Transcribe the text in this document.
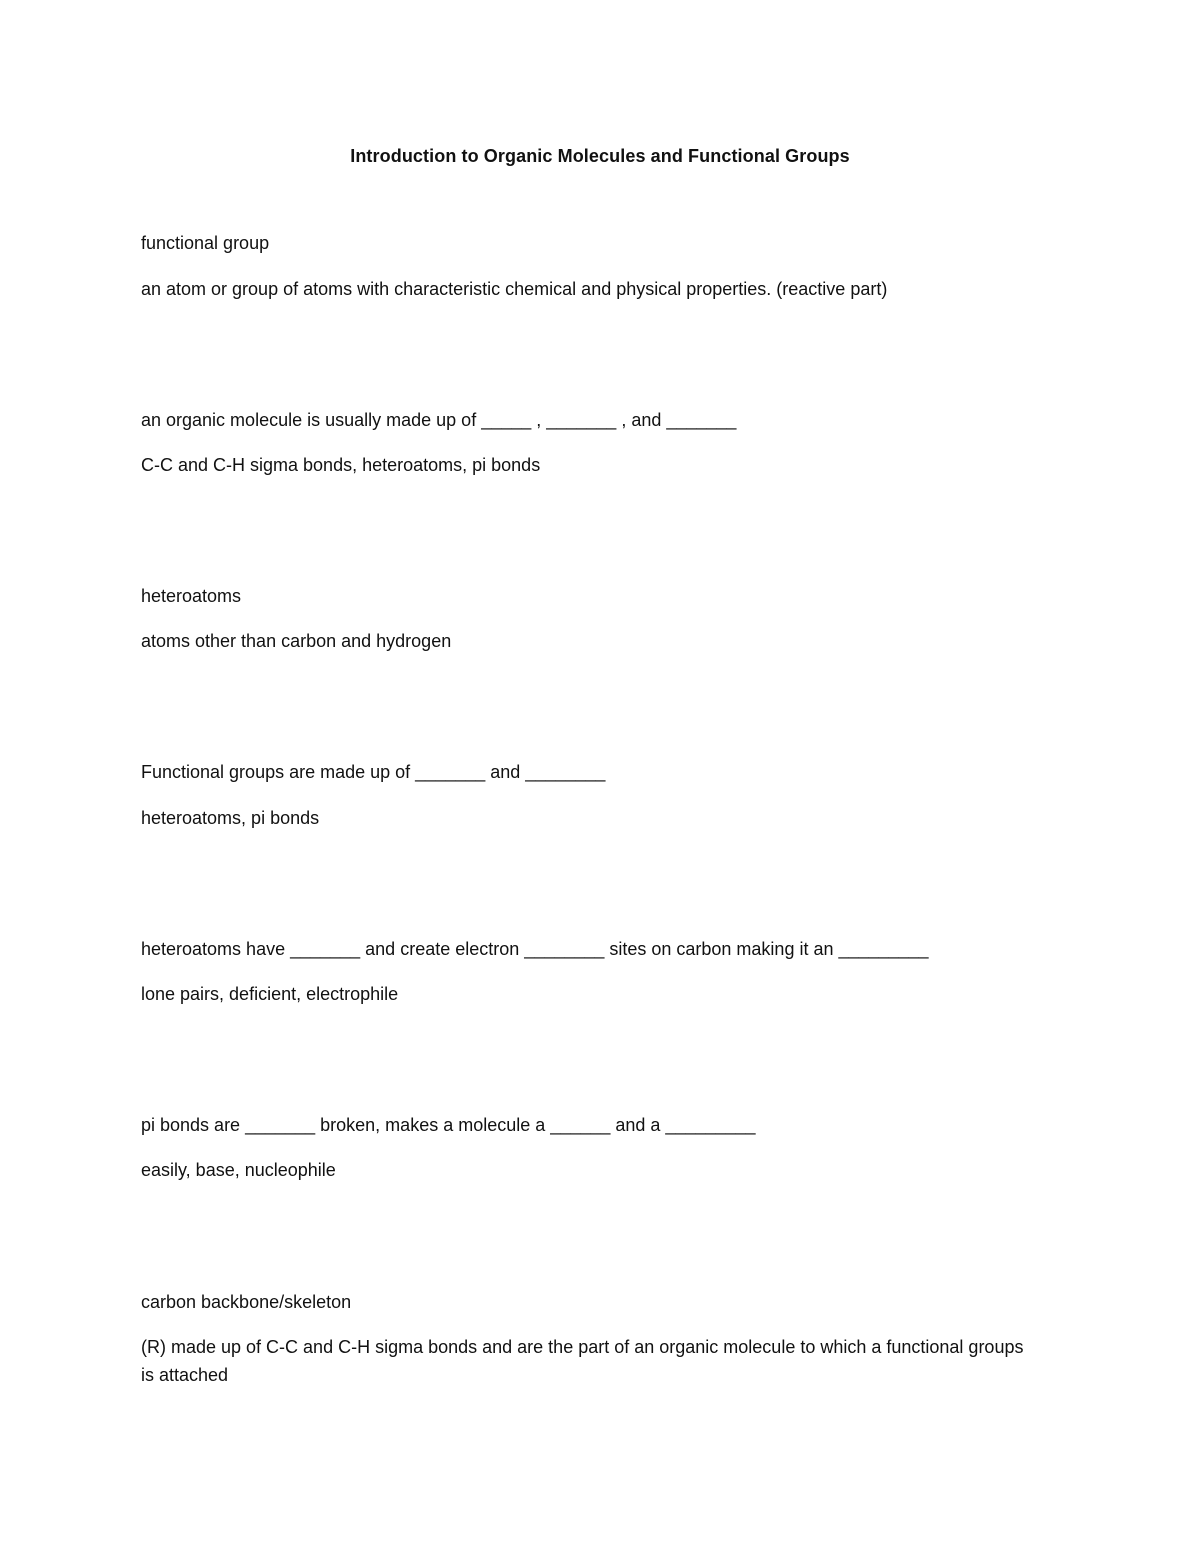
Introduction to Organic Molecules and Functional Groups

functional group

an atom or group of atoms with characteristic chemical and physical properties. (reactive part)

an organic molecule is usually made up of _____ , _______ , and _______

C-C and C-H sigma bonds, heteroatoms, pi bonds

heteroatoms

atoms other than carbon and hydrogen

Functional groups are made up of _______ and ________

heteroatoms, pi bonds

heteroatoms have _______ and create electron ________ sites on carbon making it an _________

lone pairs, deficient, electrophile

pi bonds are _______ broken, makes a molecule a ______ and a _________

easily, base, nucleophile

carbon backbone/skeleton

(R) made up of C-C and C-H sigma bonds and are the part of an organic molecule to which a functional groups is attached
